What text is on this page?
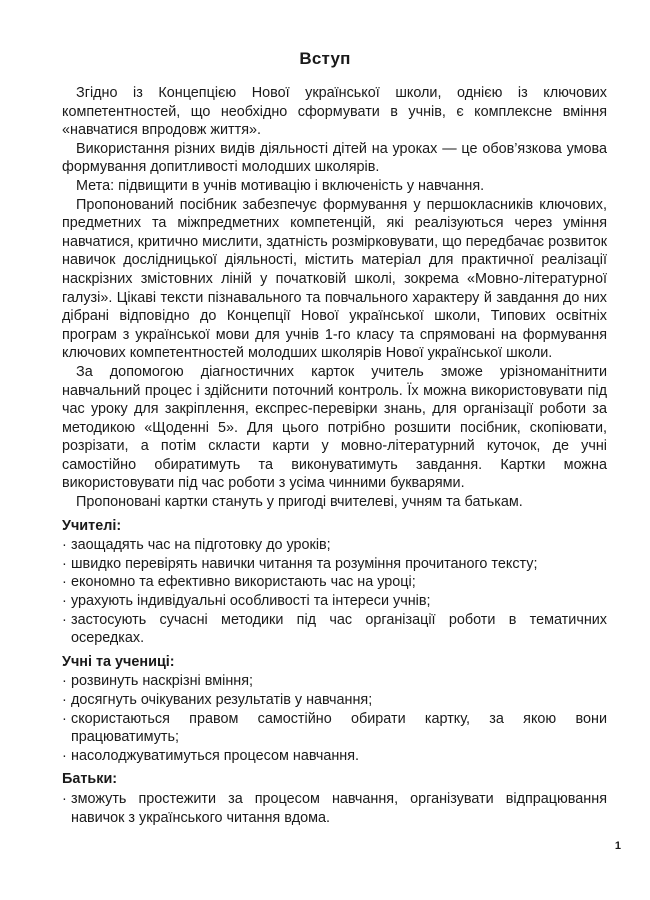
Вступ

Згідно із Концепцією Нової української школи, однією із ключових компетентностей, що необхідно сформувати в учнів, є комплексне вміння «навчатися впродовж життя».

Використання різних видів діяльності дітей на уроках — це обов’язкова умова формування допитливості молодших школярів.

Мета: підвищити в учнів мотивацію і включеність у навчання.

Пропонований посібник забезпечує формування у першокласників ключових, предметних та міжпредметних компетенцій, які реалізуються через уміння навчатися, критично мислити, здатність розмірковувати, що передбачає розвиток навичок дослідницької діяльності, містить матеріал для практичної реалізації наскрізних змістовних ліній у початковій школі, зокрема «Мовно-літературної галузі». Цікаві тексти пізнавального та повчального характеру й завдання до них дібрані відповідно до Концепції Нової української школи, Типових освітніх програм з української мови для учнів 1-го класу та спрямовані на формування ключових компетентностей молодших школярів Нової української школи.

За допомогою діагностичних карток учитель зможе урізноманітнити навчальний процес і здійснити поточний контроль. Їх можна використовувати під час уроку для закріплення, експрес-перевірки знань, для організації роботи за методикою «Щоденні 5». Для цього потрібно розшити посібник, скопіювати, розрізати, а потім скласти карти у мовно-літературний куточок, де учні самостійно обиратимуть та виконуватимуть завдання. Картки можна використовувати під час роботи з усіма чинними букварями.

Пропоновані картки стануть у пригоді вчителеві, учням та батькам.

Учителі:
· заощадять час на підготовку до уроків;
· швидко перевірять навички читання та розуміння прочитаного тексту;
· економно та ефективно використають час на уроці;
· урахують індивідуальні особливості та інтереси учнів;
· застосують сучасні методики під час організації роботи в тематичних осередках.
Учні та учениці:
· розвинуть наскрізні вміння;
· досягнуть очікуваних результатів у навчання;
· скористаються правом самостійно обирати картку, за якою вони працюватимуть;
· насолоджуватимуться процесом навчання.
Батьки:
· зможуть простежити за процесом навчання, організувати відпрацювання навичок з українського читання вдома.
1
